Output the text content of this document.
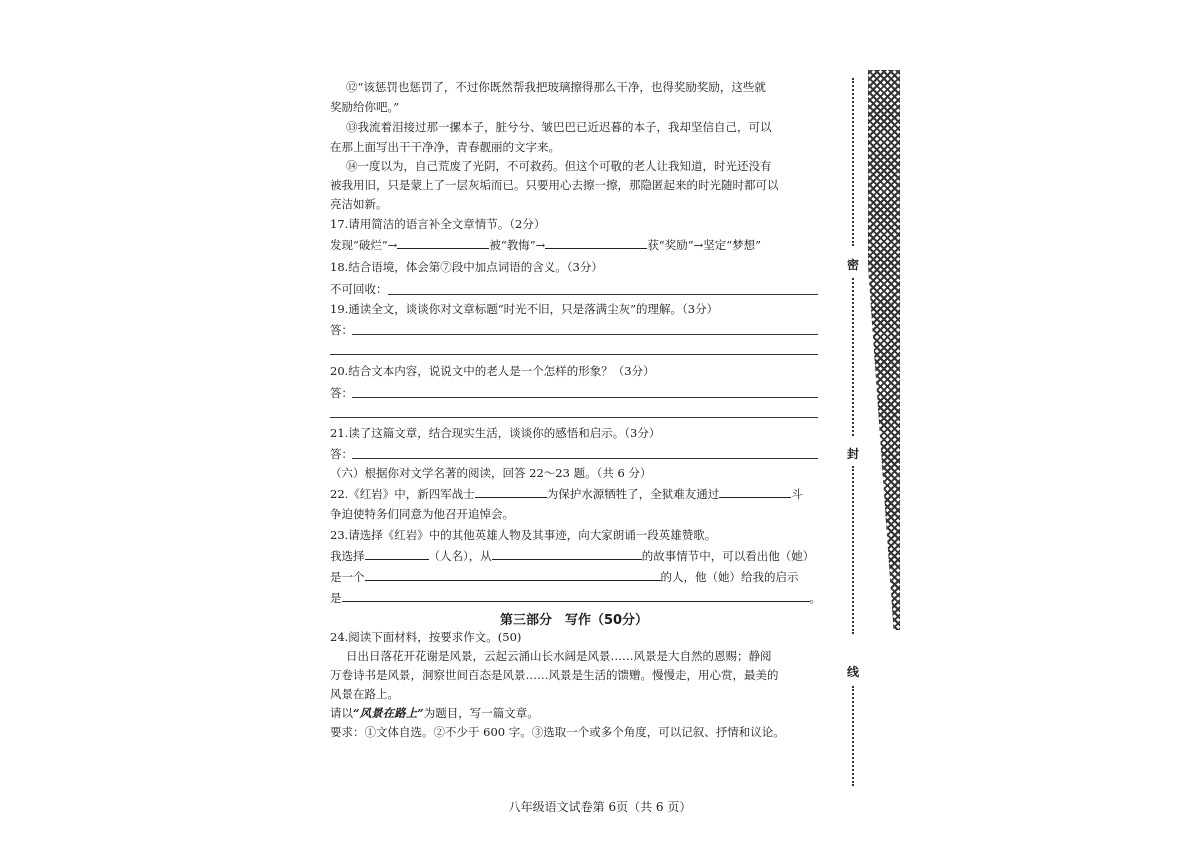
⑫“该惩罚也惩罚了，不过你既然帮我把玻璃擦得那么干净，也得奖励奖励，这些就
奖励给你吧。”
⑬我流着泪接过那一摞本子，脏兮兮、皱巴巴已近迟暮的本子，我却坚信自己，可以
在那上面写出干干净净，青春靓丽的文字来。
⑭一度以为，自己荒废了光阴，不可救药。但这个可敬的老人让我知道，时光还没有
被我用旧，只是蒙上了一层灰垢而已。只要用心去擦一擦，那隐匿起来的时光随时都可以
亮洁如新。
17.请用简洁的语言补全文章情节。（2分）
发现“破烂”→	被“教悔”→	获“奖励”→坚定“梦想”
18.结合语境，体会第⑦段中加点词语的含义。（3分）
不可回收：
19.通读全文，谈谈你对文章标题“时光不旧，只是落满尘灰”的理解。（3分）
答：
20.结合文本内容，说说文中的老人是一个怎样的形象？（3分）
答：
21.读了这篇文章，结合现实生活，谈谈你的感悟和启示。（3分）
答：
（六）根据你对文学名著的阅读，回答 22～23 题。（共 6 分）
22.《红岩》中，新四军战士	为保护水源牺牲了，全狱难友通过	斗
争迫使特务们同意为他召开追悼会。
23.请选择《红岩》中的其他英雄人物及其事迹，向大家朗诵一段英雄赞歌。
我选择	（人名），从	的故事情节中，可以看出他（她）
是一个	的人，他（她）给我的启示
是	。
第三部分　写作（50分）
24.阅读下面材料，按要求作文。(50)
日出日落花开花谢是风景，云起云涌山长水阔是风景……风景是大自然的恩赐；静阅
万卷诗书是风景，洞察世间百态是风景……风景是生活的馈赠。慢慢走，用心赏，最美的
风景在路上。
请以“风景在路上”为题目，写一篇文章。
要求：①文体自选。②不少于 600 字。③选取一个或多个角度，可以记叙、抒情和议论。
八年级语文试卷第 6页（共 6 页）
密
封
线
